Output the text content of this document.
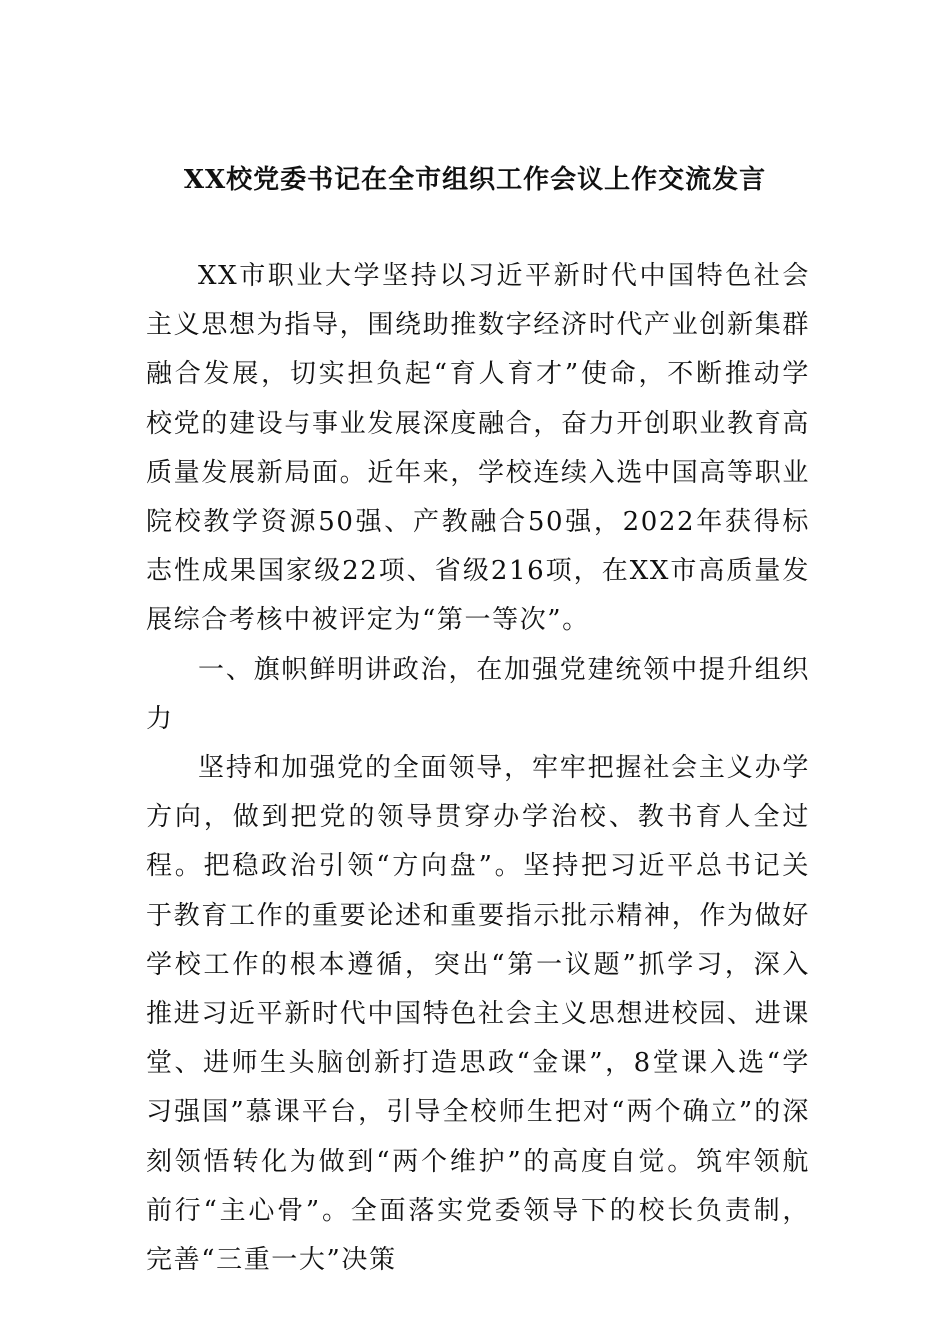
XX校党委书记在全市组织工作会议上作交流发言

XX市职业大学坚持以习近平新时代中国特色社会主义思想为指导，围绕助推数字经济时代产业创新集群融合发展，切实担负起“育人育才”使命，不断推动学校党的建设与事业发展深度融合，奋力开创职业教育高质量发展新局面。近年来，学校连续入选中国高等职业院校教学资源50强、产教融合50强，2022年获得标志性成果国家级22项、省级216项，在XX市高质量发展综合考核中被评定为“第一等次”。

一、旗帜鲜明讲政治，在加强党建统领中提升组织力

坚持和加强党的全面领导，牢牢把握社会主义办学方向，做到把党的领导贯穿办学治校、教书育人全过程。把稳政治引领“方向盘”。坚持把习近平总书记关于教育工作的重要论述和重要指示批示精神，作为做好学校工作的根本遵循，突出“第一议题”抓学习，深入推进习近平新时代中国特色社会主义思想进校园、进课堂、进师生头脑创新打造思政“金课”，8堂课入选“学习强国”慕课平台，引导全校师生把对“两个确立”的深刻领悟转化为做到“两个维护”的高度自觉。筑牢领航前行“主心骨”。全面落实党委领导下的校长负责制，完善“三重一大”决策
